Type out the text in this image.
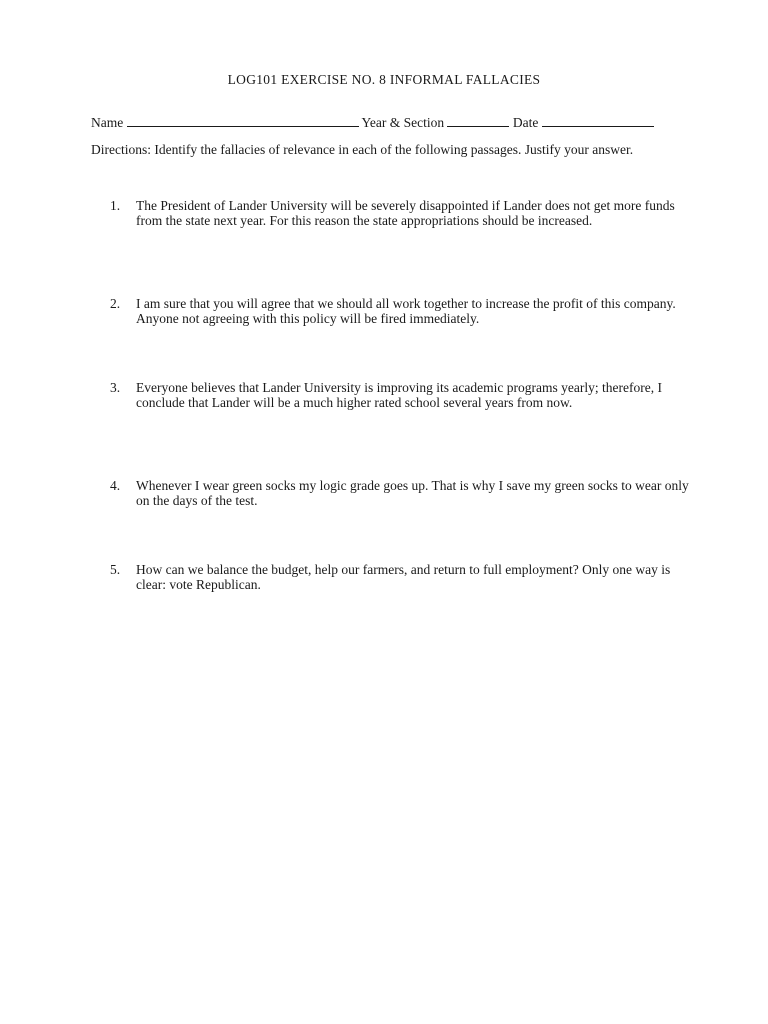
LOG101 EXERCISE NO. 8 INFORMAL FALLACIES
Name	Year & Section	Date
Directions: Identify the fallacies of relevance in each of the following passages. Justify your answer.
1.	The President of Lander University will be severely disappointed if Lander does not get more funds from the state next year. For this reason the state appropriations should be increased.
2.	I am sure that you will agree that we should all work together to increase the profit of this company. Anyone not agreeing with this policy will be fired immediately.
3.	Everyone believes that Lander University is improving its academic programs yearly; therefore, I conclude that Lander will be a much higher rated school several years from now.
4.	Whenever I wear green socks my logic grade goes up. That is why I save my green socks to wear only on the days of the test.
5.	How can we balance the budget, help our farmers, and return to full employment? Only one way is clear: vote Republican.
